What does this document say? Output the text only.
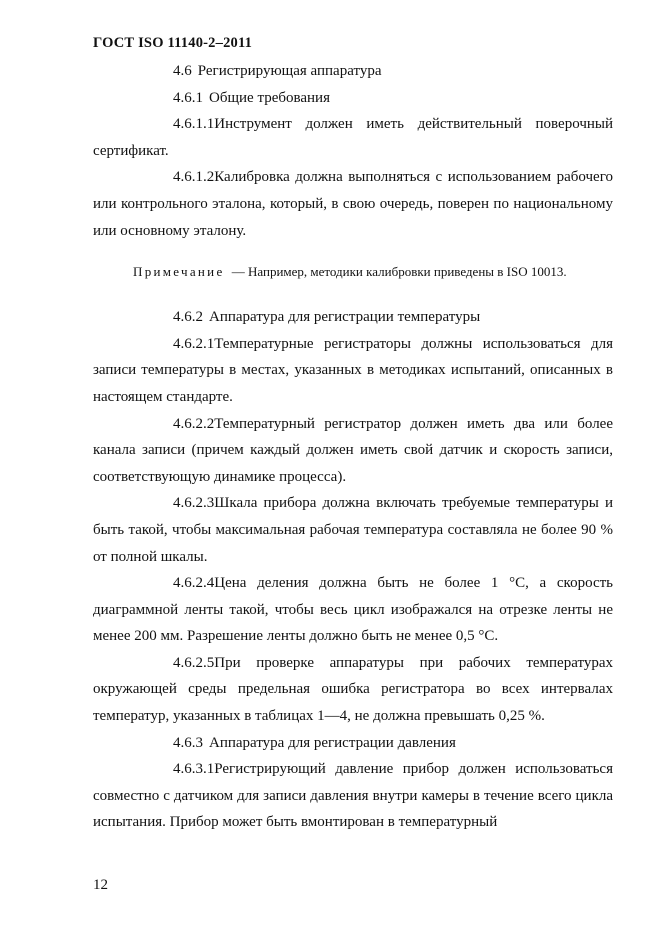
ГОСТ ISO 11140-2–2011

4.6 Регистрирующая аппаратура

4.6.1 Общие требования

4.6.1.1Инструмент должен иметь действительный поверочный сертификат.

4.6.1.2Калибровка должна выполняться с использованием рабочего или контрольного эталона, который, в свою очередь, поверен по национальному или основному эталону.

Примечание — Например, методики калибровки приведены в ISO 10013.

4.6.2 Аппаратура для регистрации температуры

4.6.2.1Температурные регистраторы должны использоваться для записи температуры в местах, указанных в методиках испытаний, описанных в настоящем стандарте.

4.6.2.2Температурный регистратор должен иметь два или более канала записи (причем каждый должен иметь свой датчик и скорость записи, соответствующую динамике процесса).

4.6.2.3Шкала прибора должна включать требуемые температуры и быть такой, чтобы максимальная рабочая температура составляла не более 90 % от полной шкалы.

4.6.2.4Цена деления должна быть не более 1 °С, а скорость диаграммной ленты такой, чтобы весь цикл изображался на отрезке ленты не менее 200 мм. Разрешение ленты должно быть не менее 0,5 °С.

4.6.2.5При проверке аппаратуры при рабочих температурах окружающей среды предельная ошибка регистратора во всех интервалах температур, указанных в таблицах 1—4, не должна превышать 0,25 %.

4.6.3 Аппаратура для регистрации давления

4.6.3.1Регистрирующий давление прибор должен использоваться совместно с датчиком для записи давления внутри камеры в течение всего цикла испытания. Прибор может быть вмонтирован в температурный

12
